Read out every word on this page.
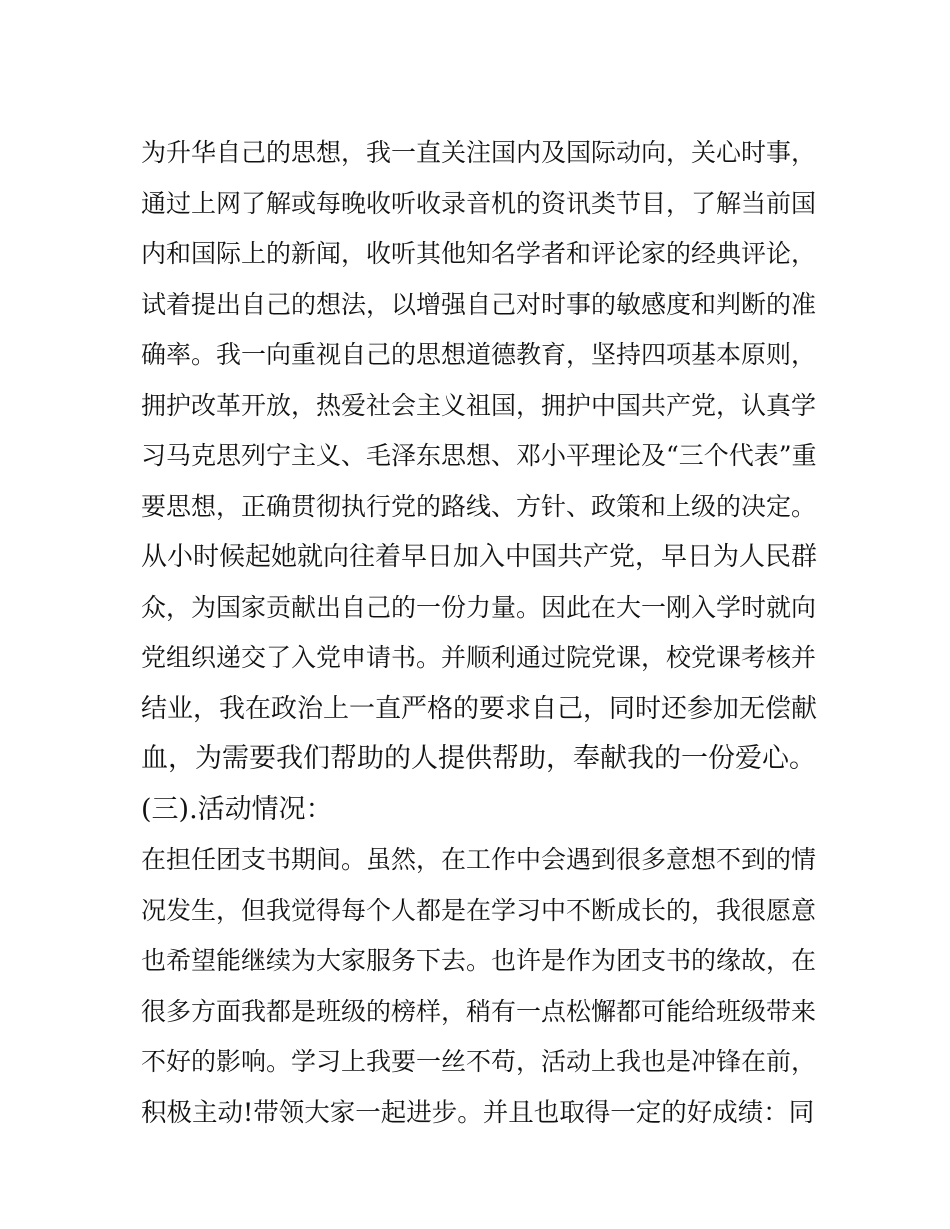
为升华自己的思想，我一直关注国内及国际动向，关心时事，
通过上网了解或每晚收听收录音机的资讯类节目，了解当前国
内和国际上的新闻，收听其他知名学者和评论家的经典评论，
试着提出自己的想法，以增强自己对时事的敏感度和判断的准
确率。我一向重视自己的思想道德教育，坚持四项基本原则，
拥护改革开放，热爱社会主义祖国，拥护中国共产党，认真学
习马克思列宁主义、毛泽东思想、邓小平理论及“三个代表”重
要思想，正确贯彻执行党的路线、方针、政策和上级的决定。
从小时候起她就向往着早日加入中国共产党，早日为人民群
众，为国家贡献出自己的一份力量。因此在大一刚入学时就向
党组织递交了入党申请书。并顺利通过院党课，校党课考核并
结业，我在政治上一直严格的要求自己，同时还参加无偿献
血，为需要我们帮助的人提供帮助，奉献我的一份爱心。
(三).活动情况：
在担任团支书期间。虽然，在工作中会遇到很多意想不到的情
况发生，但我觉得每个人都是在学习中不断成长的，我很愿意
也希望能继续为大家服务下去。也许是作为团支书的缘故，在
很多方面我都是班级的榜样，稍有一点松懈都可能给班级带来
不好的影响。学习上我要一丝不苟，活动上我也是冲锋在前，
积极主动!带领大家一起进步。并且也取得一定的好成绩：同
